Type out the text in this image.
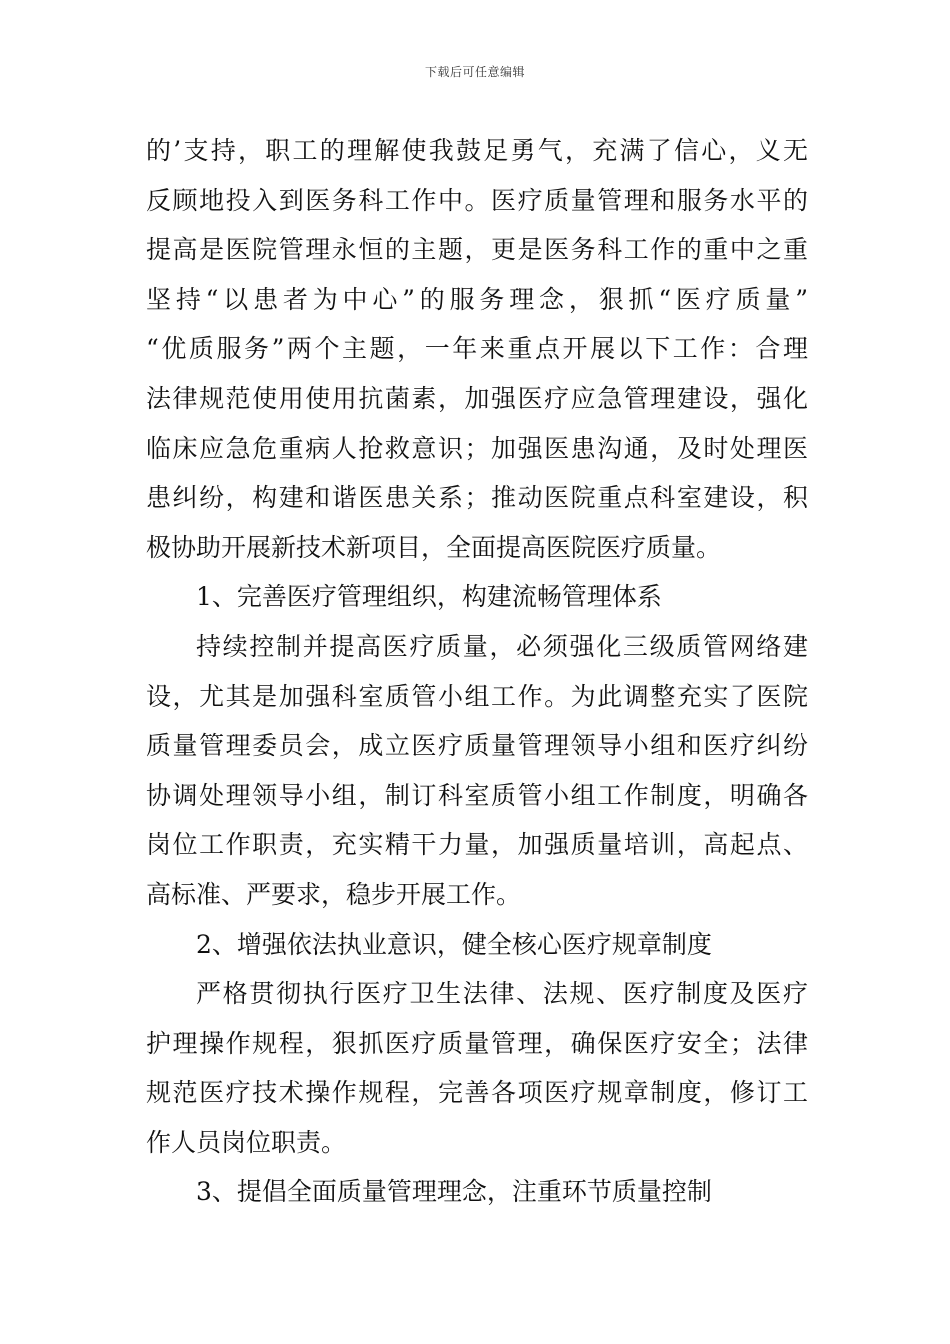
下载后可任意编辑
的’支持，职工的理解使我鼓足勇气，充满了信心，义无
反顾地投入到医务科工作中。医疗质量管理和服务水平的
提高是医院管理永恒的主题，更是医务科工作的重中之重
坚持“以患者为中心”的服务理念，狠抓“医疗质量”
“优质服务”两个主题，一年来重点开展以下工作：合理
法律规范使用使用抗菌素，加强医疗应急管理建设，强化
临床应急危重病人抢救意识；加强医患沟通，及时处理医
患纠纷，构建和谐医患关系；推动医院重点科室建设，积
极协助开展新技术新项目，全面提高医院医疗质量。
1、完善医疗管理组织，构建流畅管理体系
持续控制并提高医疗质量，必须强化三级质管网络建
设，尤其是加强科室质管小组工作。为此调整充实了医院
质量管理委员会，成立医疗质量管理领导小组和医疗纠纷
协调处理领导小组，制订科室质管小组工作制度，明确各
岗位工作职责，充实精干力量，加强质量培训，高起点、
高标准、严要求，稳步开展工作。
2、增强依法执业意识，健全核心医疗规章制度
严格贯彻执行医疗卫生法律、法规、医疗制度及医疗
护理操作规程，狠抓医疗质量管理，确保医疗安全；法律
规范医疗技术操作规程，完善各项医疗规章制度，修订工
作人员岗位职责。
3、提倡全面质量管理理念，注重环节质量控制
